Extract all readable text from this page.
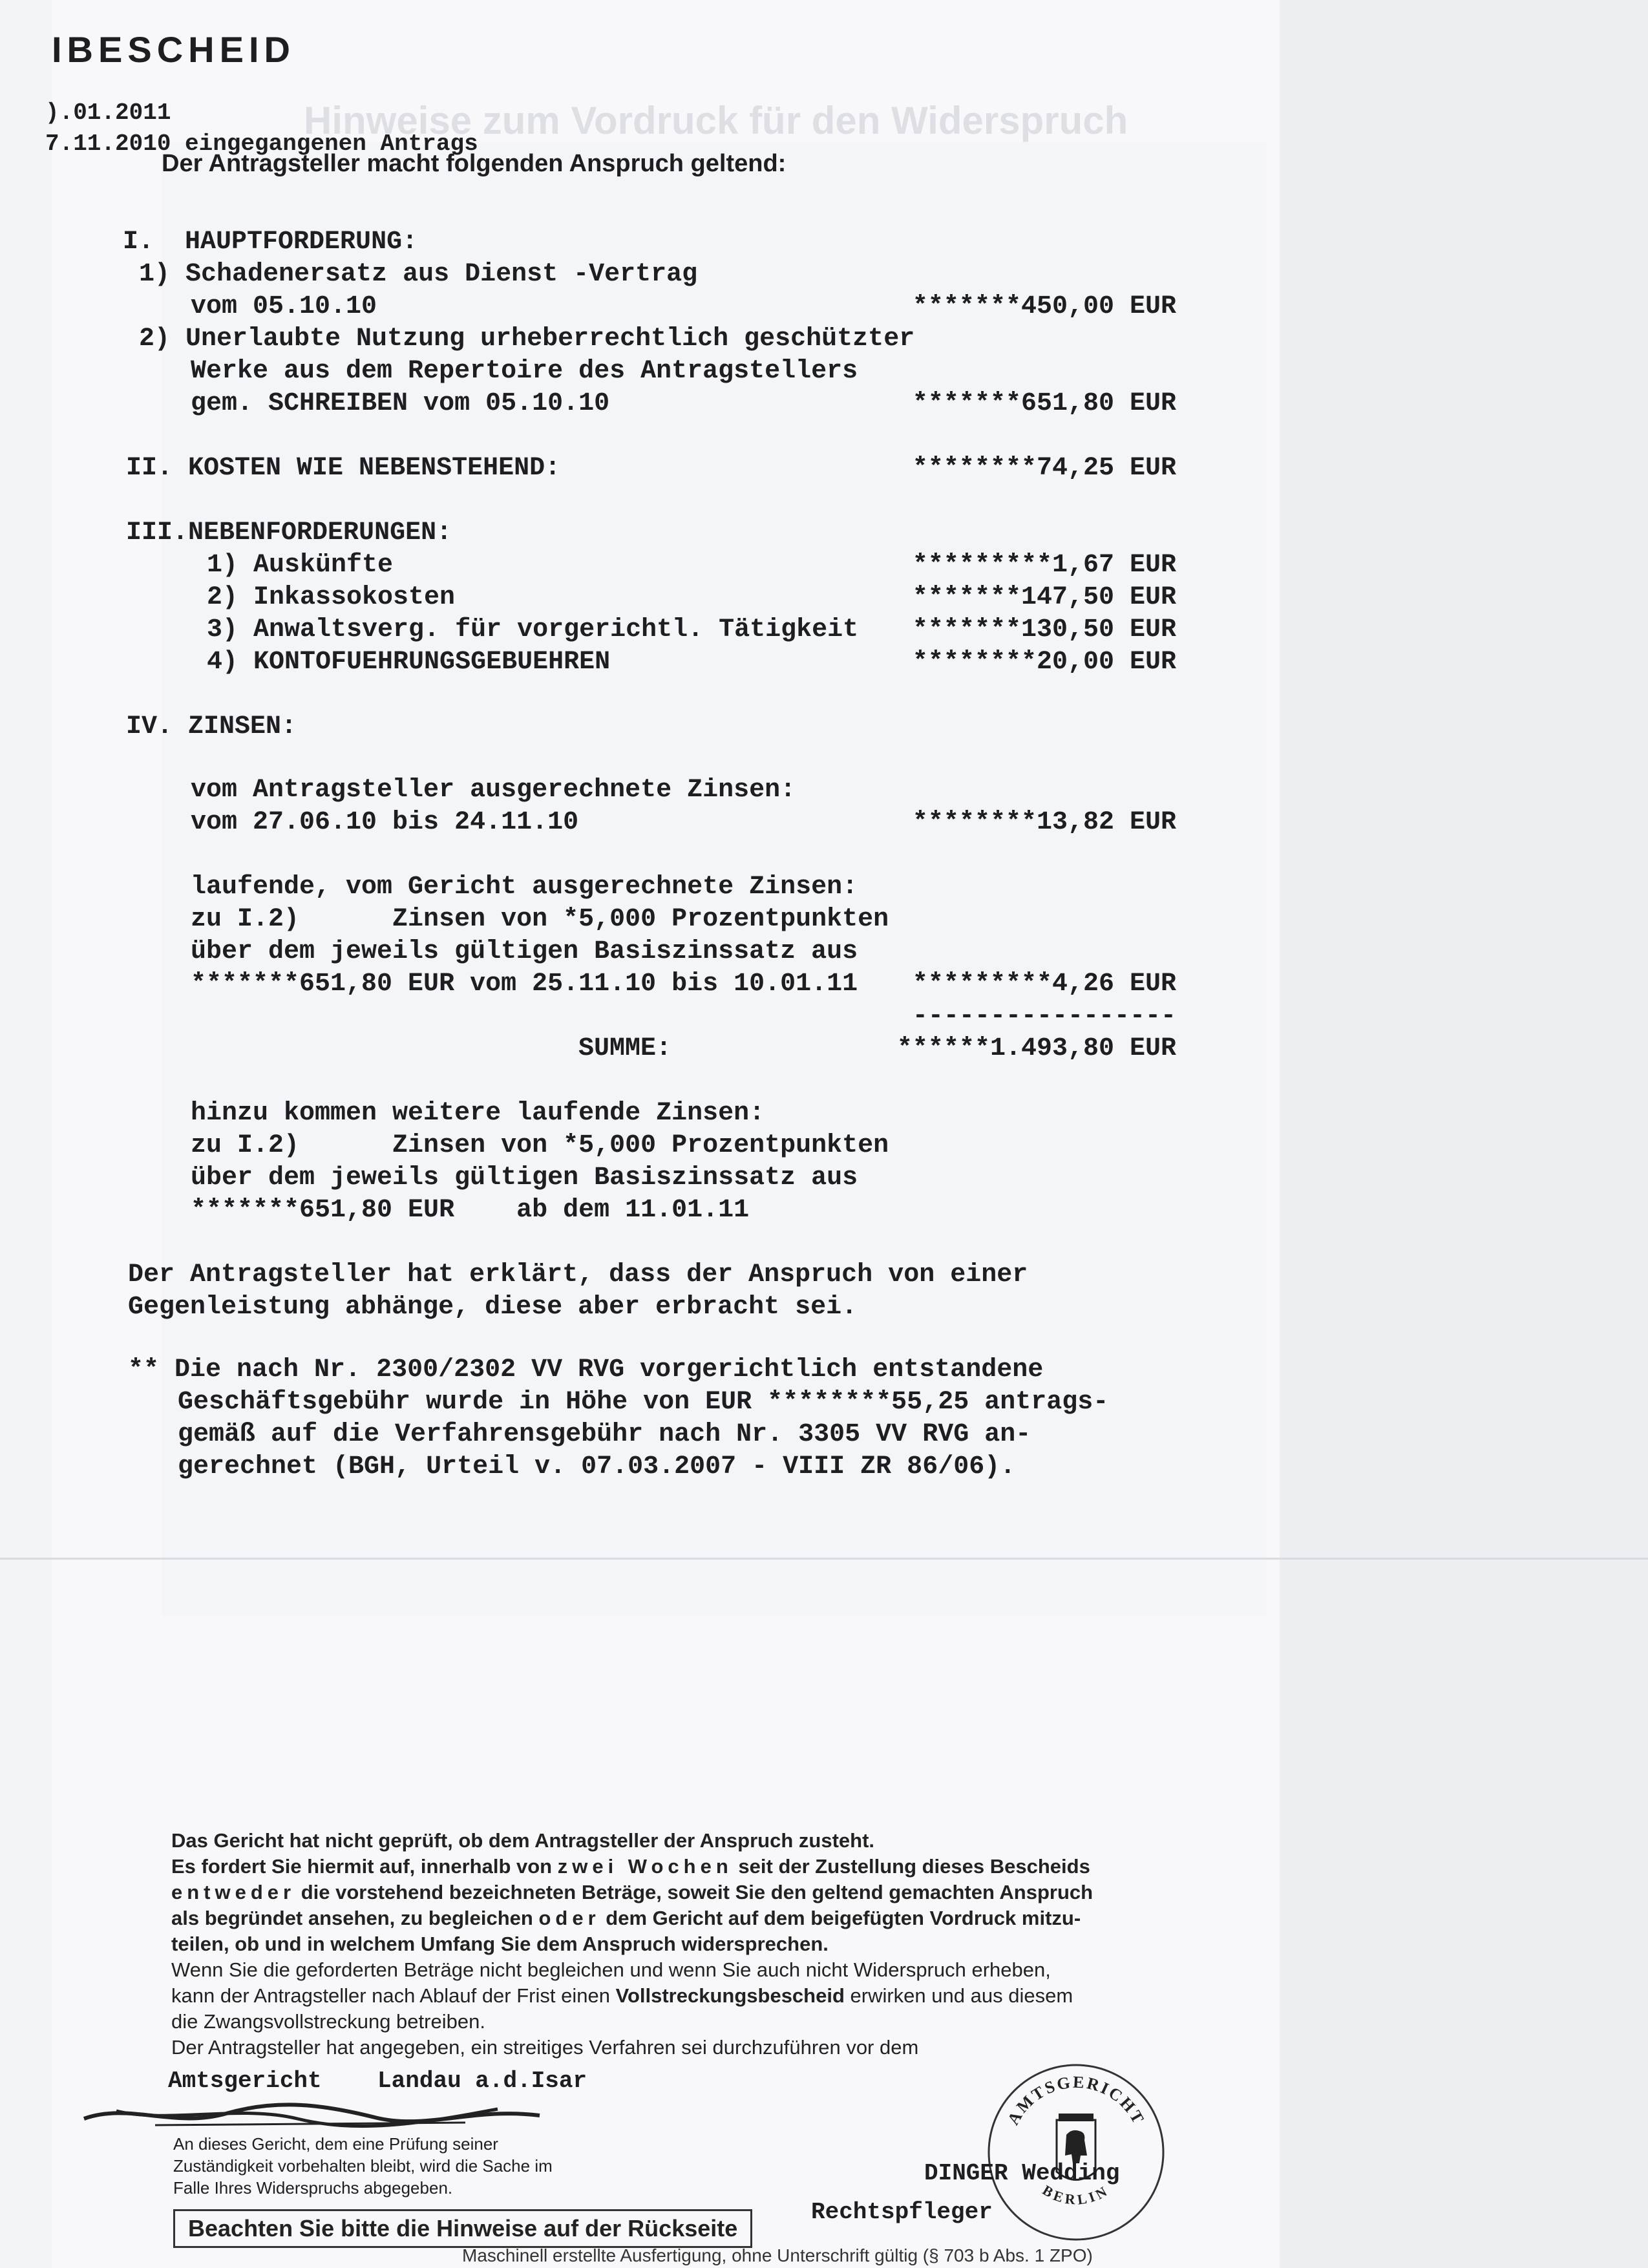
Hinweise zum Vordruck für den Widerspruch
IBESCHEID
).01.2011
7.11.2010 eingegangenen Antrags
Der Antragsteller macht folgenden Anspruch geltend:
I.  HAUPTFORDERUNG:
1) Schadenersatz aus Dienst -Vertrag
vom 05.10.10	*******450,00 EUR
2) Unerlaubte Nutzung urheberrechtlich geschützter
Werke aus dem Repertoire des Antragstellers
gem. SCHREIBEN vom 05.10.10	*******651,80 EUR
II. KOSTEN WIE NEBENSTEHEND:	********74,25 EUR
III.NEBENFORDERUNGEN:
1) Auskünfte	*********1,67 EUR
2) Inkassokosten	*******147,50 EUR
3) Anwaltsverg. für vorgerichtl. Tätigkeit	*******130,50 EUR
4) KONTOFUEHRUNGSGEBUEHREN	********20,00 EUR
IV. ZINSEN:
vom Antragsteller ausgerechnete Zinsen:
vom 27.06.10 bis 24.11.10	********13,82 EUR
laufende, vom Gericht ausgerechnete Zinsen:
zu I.2)      Zinsen von *5,000 Prozentpunkten
über dem jeweils gültigen Basiszinssatz aus
*******651,80 EUR vom 25.11.10 bis 10.01.11	*********4,26 EUR
-----------------
SUMME:	******1.493,80 EUR
hinzu kommen weitere laufende Zinsen:
zu I.2)      Zinsen von *5,000 Prozentpunkten
über dem jeweils gültigen Basiszinssatz aus
*******651,80 EUR    ab dem 11.01.11
Der Antragsteller hat erklärt, dass der Anspruch von einer
Gegenleistung abhänge, diese aber erbracht sei.
** Die nach Nr. 2300/2302 VV RVG vorgerichtlich entstandene
Geschäftsgebühr wurde in Höhe von EUR ********55,25 antrags-
gemäß auf die Verfahrensgebühr nach Nr. 3305 VV RVG an-
gerechnet (BGH, Urteil v. 07.03.2007 - VIII ZR 86/06).

Das Gericht hat nicht geprüft, ob dem Antragsteller der Anspruch zusteht.

Es fordert Sie hiermit auf, innerhalb von zwei Wochen seit der Zustellung dieses Bescheids

entweder die vorstehend bezeichneten Beträge, soweit Sie den geltend gemachten Anspruch

als begründet ansehen, zu begleichen oder dem Gericht auf dem beigefügten Vordruck mitzu-

teilen, ob und in welchem Umfang Sie dem Anspruch widersprechen.

Wenn Sie die geforderten Beträge nicht begleichen und wenn Sie auch nicht Widerspruch erheben,

kann der Antragsteller nach Ablauf der Frist einen Vollstreckungsbescheid erwirken und aus diesem

die Zwangsvollstreckung betreiben.

Der Antragsteller hat angegeben, ein streitiges Verfahren sei durchzuführen vor dem

Amtsgericht    Landau a.d.Isar
An dieses Gericht, dem eine Prüfung seiner Zuständigkeit vorbehalten bleibt, wird die Sache im Falle Ihres Widerspruchs abgegeben.
Beachten Sie bitte die Hinweise auf der Rückseite
AMTSGERICHT
BERLIN
DINGER Wedding
Rechtspfleger
Maschinell erstellte Ausfertigung, ohne Unterschrift gültig (§ 703 b Abs. 1 ZPO)
